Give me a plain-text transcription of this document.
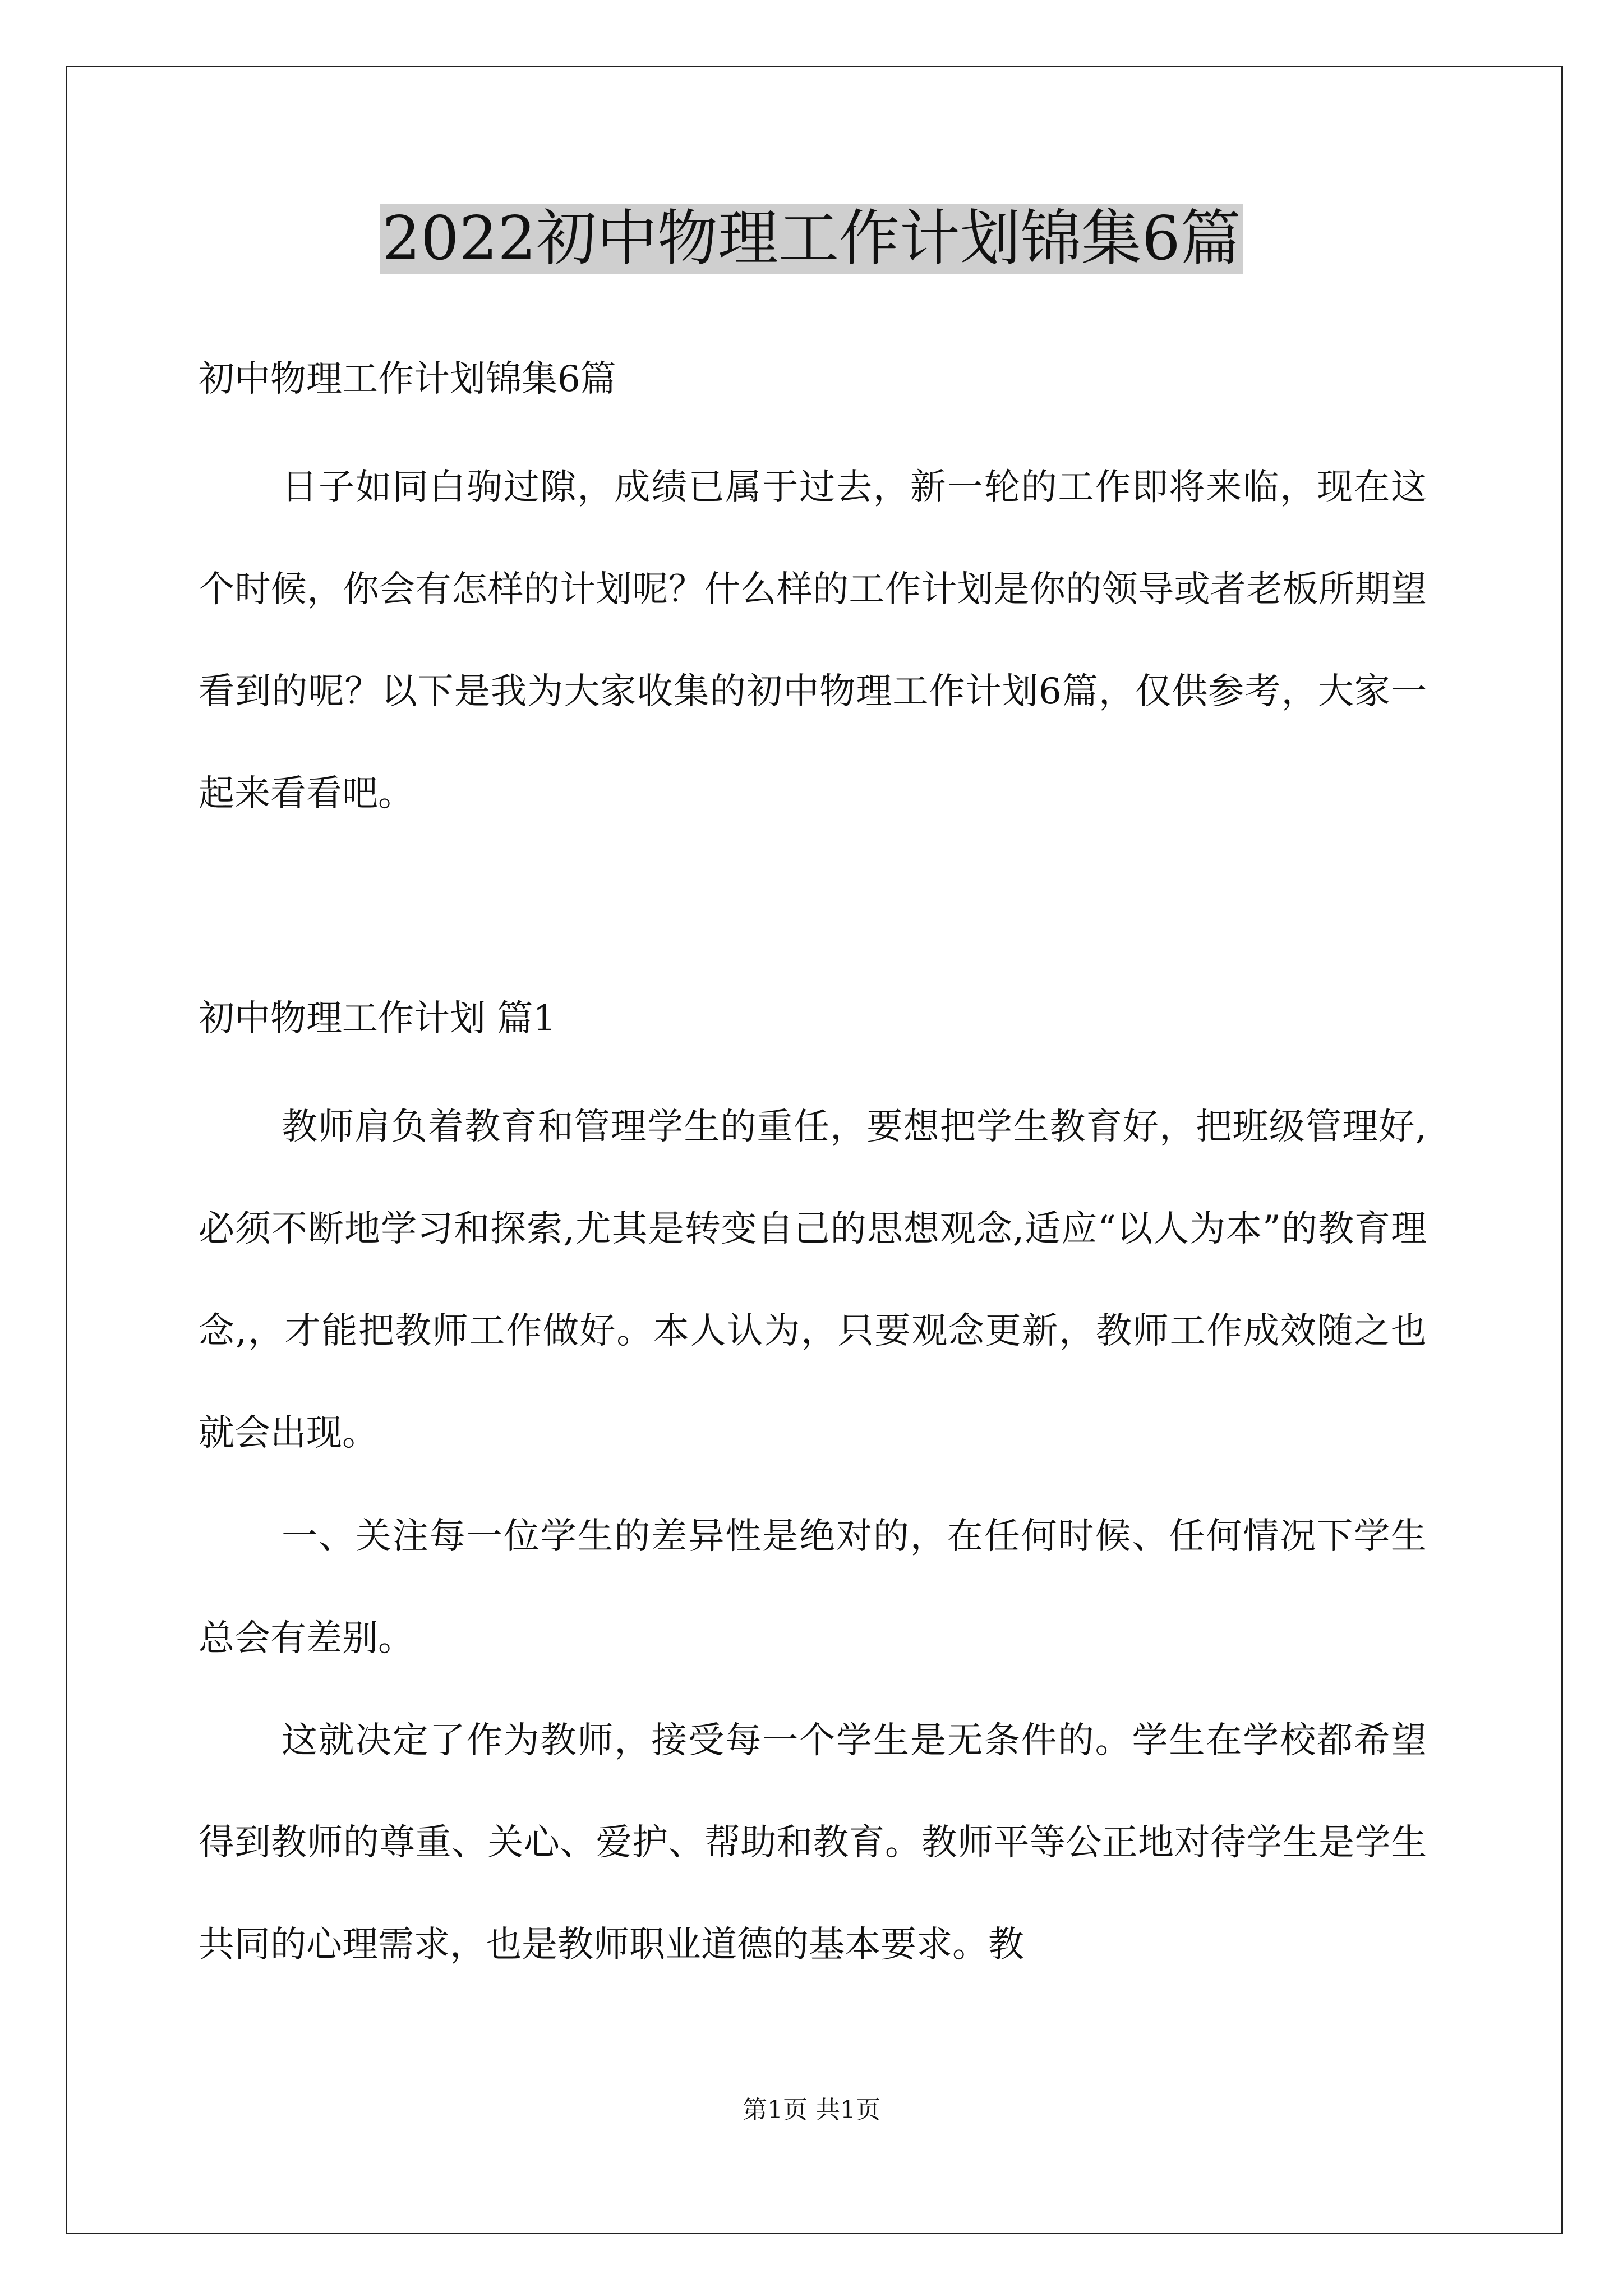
2022初中物理工作计划锦集6篇

初中物理工作计划锦集6篇

日子如同白驹过隙，成绩已属于过去，新一轮的工作即将来临，现在这个时候，你会有怎样的计划呢？什么样的工作计划是你的领导或者老板所期望看到的呢？以下是我为大家收集的初中物理工作计划6篇，仅供参考，大家一起来看看吧。

初中物理工作计划 篇1

教师肩负着教育和管理学生的重任，要想把学生教育好，把班级管理好,必须不断地学习和探索,尤其是转变自己的思想观念,适应“以人为本”的教育理念,，才能把教师工作做好。本人认为，只要观念更新，教师工作成效随之也就会出现。

一、关注每一位学生的差异性是绝对的，在任何时候、任何情况下学生总会有差别。

这就决定了作为教师，接受每一个学生是无条件的。学生在学校都希望得到教师的尊重、关心、爱护、帮助和教育。教师平等公正地对待学生是学生共同的心理需求，也是教师职业道德的基本要求。教

第1页 共1页
